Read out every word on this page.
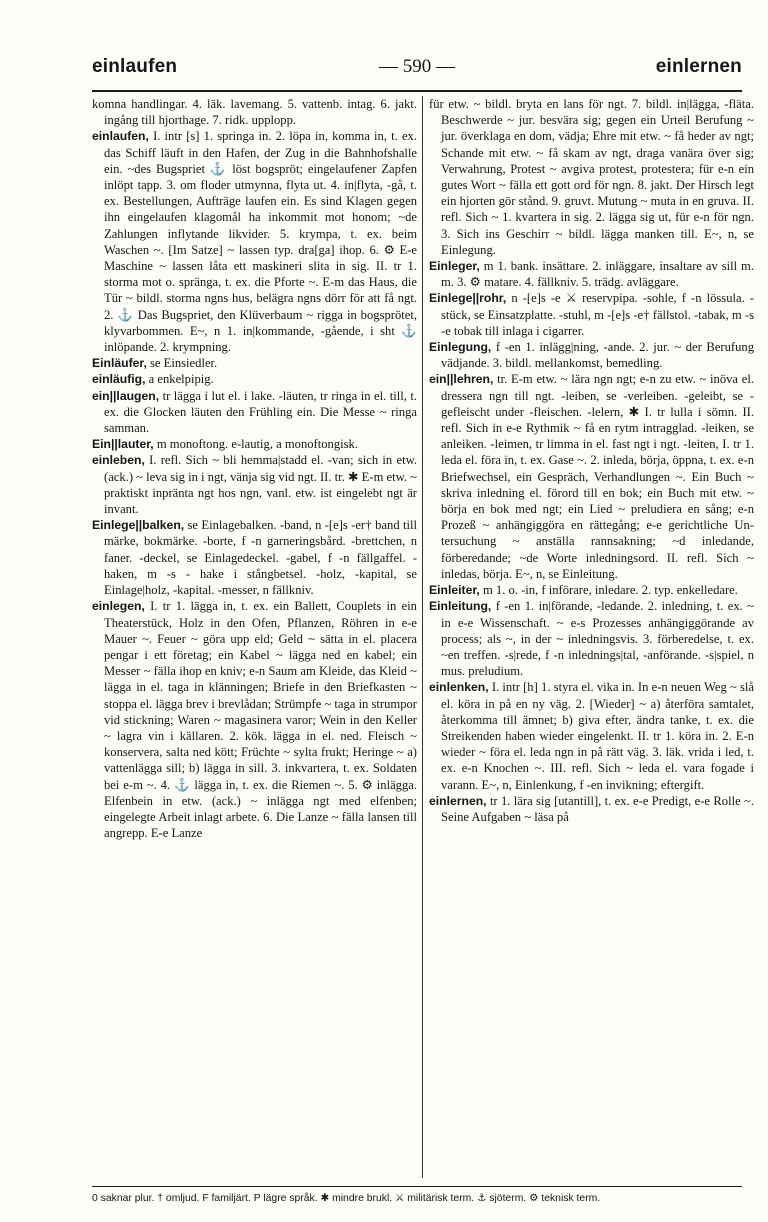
einlaufen	— 590 —	einlernen

komna handlingar. 4. läk. lavemang. 5. vattenb. intag. 6. jakt. ingång till hjorthage. 7. ridk. upplopp.

einlaufen, I. intr [s] 1. springa in. 2. löpa in, komma in, t. ex. das Schiff läuft in den Hafen, der Zug in die Bahnhofshalle ein. ~des Bugspriet ⚓ löst bogspröt; eingelaufener Zapfen inlöpt tapp. 3. om floder utmynna, flyta ut. 4. in|flyta, -gå, t. ex. Bestellungen, Aufträge laufen ein. Es sind Klagen gegen ihn eingelaufen klagomål ha inkommit mot honom; ~de Zahlungen inflytande likvider. 5. krympa, t. ex. beim Waschen ~. [Im Satze] ~ lassen typ. dra[ga] ihop. 6. ⚙ E-e Maschine ~ lassen låta ett maskineri slita in sig. II. tr 1. storma mot o. spränga, t. ex. die Pforte ~. E-m das Haus, die Tür ~ bildl. storma ngns hus, belägra ngns dörr för att få ngt. 2. ⚓ Das Bugspriet, den Klüverbaum ~ rigga in bogsprötet, klyvarbommen. E~, n 1. in|kommande, -gående, i sht ⚓ inlöpande. 2. krympning.

Einläufer, se Einsiedler.

einläufig, a enkelpipig.

ein||laugen, tr lägga i lut el. i lake. -läuten, tr ringa in el. till, t. ex. die Glocken läuten den Frühling ein. Die Messe ~ ringa samman.

Ein||lauter, m monoftong. e-lautig, a monoftongisk.

einleben, I. refl. Sich ~ bli hemma|stadd el. -van; sich in etw. (ack.) ~ leva sig in i ngt, vänja sig vid ngt. II. tr. ✱ E-m etw. ~ praktiskt inpränta ngt hos ngn, vanl. etw. ist eingelebt ngt är invant.

Einlege||balken, se Einlagebalken. -band, n -[e]s -er† band till märke, bokmärke. -borte, f -n garneringsbård. -brettchen, n faner. -deckel, se Einlagedeckel. -gabel, f -n fällgaffel. -haken, m -s - hake i stångbetsel. -holz, -kapital, se Einlage|holz, -kapital. -messer, n fällkniv.

einlegen, I. tr 1. lägga in, t. ex. ein Ballett, Couplets in ein Theaterstück, Holz in den Ofen, Pflanzen, Röhren in e-e Mauer ~. Feuer ~ göra upp eld; Geld ~ sätta in el. placera pengar i ett företag; ein Kabel ~ lägga ned en kabel; ein Messer ~ fälla ihop en kniv; e-n Saum am Kleide, das Kleid ~ lägga in el. taga in klänningen; Briefe in den Briefkasten ~ stoppa el. lägga brev i brevlådan; Strümpfe ~ taga in strumpor vid stickning; Waren ~ magasinera varor; Wein in den Keller ~ lagra vin i källaren. 2. kök. lägga in el. ned. Fleisch ~ konservera, salta ned kött; Früchte ~ sylta frukt; Heringe ~ a) vattenlägga sill; b) lägga in sill. 3. inkvartera, t. ex. Soldaten bei e-m ~. 4. ⚓ lägga in, t. ex. die Riemen ~. 5. ⚙ inlägga. Elfenbein in etw. (ack.) ~ inlägga ngt med elfenben; eingelegte Arbeit inlagt arbete. 6. Die Lanze ~ fälla lansen till angrepp. E-e Lanze

für etw. ~ bildl. bryta en lans för ngt. 7. bildl. in|lägga, -fläta. Beschwerde ~ jur. besvära sig; gegen ein Urteil Berufung ~ jur. överklaga en dom, vädja; Ehre mit etw. ~ få heder av ngt; Schande mit etw. ~ få skam av ngt, draga vanära över sig; Verwahrung, Protest ~ avgiva protest, protestera; für e-n ein gutes Wort ~ fälla ett gott ord för ngn. 8. jakt. Der Hirsch legt ein hjorten gör stånd. 9. gruvt. Mutung ~ muta in en gruva. II. refl. Sich ~ 1. kvartera in sig. 2. lägga sig ut, für e-n för ngn. 3. Sich ins Geschirr ~ bildl. lägga manken till. E~, n, se Einlegung.

Einleger, m 1. bank. insättare. 2. inläggare, insaltare av sill m. m. 3. ⚙ matare. 4. fällkniv. 5. trädg. avläggare.

Einlege||rohr, n -[e]s -e ⚔ reservpipa. -sohle, f -n lössula. -stück, se Einsatzplatte. -stuhl, m -[e]s -e† fällstol. -tabak, m -s -e tobak till inlaga i cigarrer.

Einlegung, f -en 1. inlägg|ning, -ande. 2. jur. ~ der Berufung vädjande. 3. bildl. mellankomst, bemedling.

ein||lehren, tr. E-m etw. ~ lära ngn ngt; e-n zu etw. ~ inöva el. dressera ngn till ngt. -leiben, se -verleiben. -geleibt, se -gefleischt under -fleischen. -lelern, ✱ I. tr lulla i sömn. II. refl. Sich in e-e Rythmik ~ få en rytm intragglad. -leiken, se anleiken. -leimen, tr limma in el. fast ngt i ngt. -leiten, I. tr 1. leda el. föra in, t. ex. Gase ~. 2. inleda, börja, öppna, t. ex. e-n Briefwechsel, ein Gespräch, Verhandlungen ~. Ein Buch ~ skriva inledning el. förord till en bok; ein Buch mit etw. ~ börja en bok med ngt; ein Lied ~ preludiera en sång; e-n Prozeß ~ anhängiggöra en rättegång; e-e gerichtliche Untersuchung ~ anställa rannsakning; ~d inledande, förberedande; ~de Worte inledningsord. II. refl. Sich ~ inledas, börja. E~, n, se Einleitung.

Einleiter, m 1. o. -in, f införare, inledare. 2. typ. enkelledare.

Einleitung, f -en 1. in|förande, -ledande. 2. inledning, t. ex. ~ in e-e Wissenschaft. ~ e-s Prozesses anhängiggörande av process; als ~, in der ~ inledningsvis. 3. förberedelse, t. ex. ~en treffen. -s|rede, f -n inlednings|tal, -anförande. -s|spiel, n mus. preludium.

einlenken, I. intr [h] 1. styra el. vika in. In e-n neuen Weg ~ slå el. köra in på en ny väg. 2. [Wieder] ~ a) återföra samtalet, återkomma till ämnet; b) giva efter, ändra tanke, t. ex. die Streikenden haben wieder eingelenkt. II. tr 1. köra in. 2. E-n wieder ~ föra el. leda ngn in på rätt väg. 3. läk. vrida i led, t. ex. e-n Knochen ~. III. refl. Sich ~ leda el. vara fogade i varann. E~, n, Einlenkung, f -en invikning; eftergift.

einlernen, tr 1. lära sig [utantill], t. ex. e-e Predigt, e-e Rolle ~. Seine Aufgaben ~ läsa på

0 saknar plur. † omljud. F familjärt. P lägre språk. ✱ mindre brukl. ⚔ militärisk term. ⚓ sjöterm. ⚙ teknisk term.
